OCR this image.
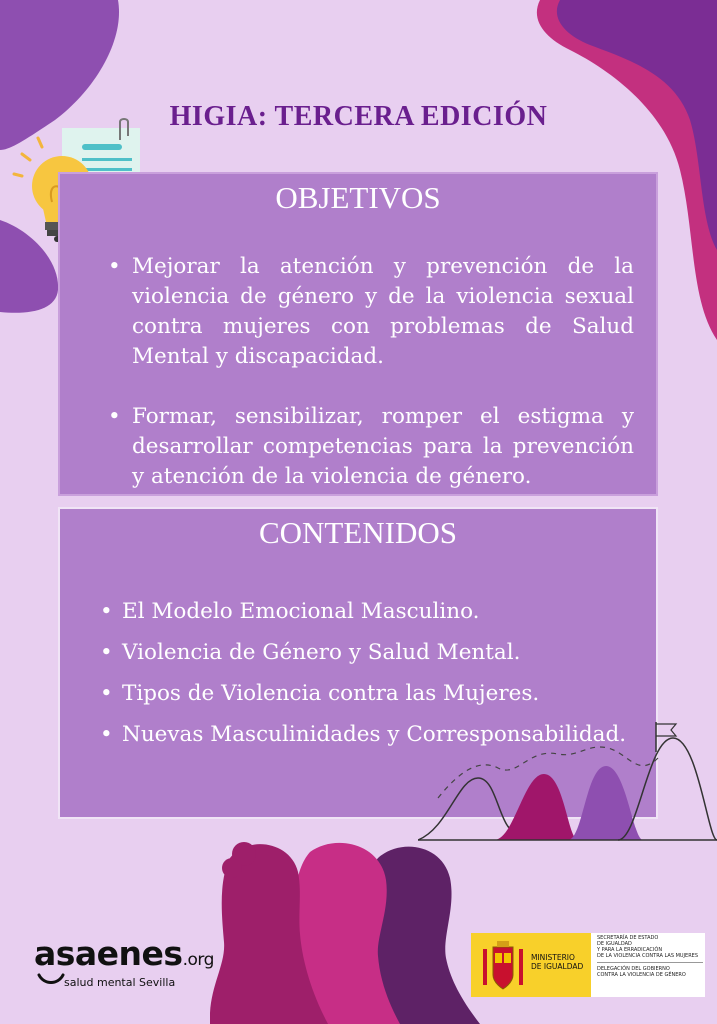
HIGIA: TERCERA EDICIÓN
OBJETIVOS
• Mejorar la atención y prevención de la violencia de género y de la violencia sexual contra mujeres con problemas de Salud Mental y discapacidad.
• Formar, sensibilizar, romper el estigma y desarrollar competencias para la prevención y atención de la violencia de género.
CONTENIDOS
• El Modelo Emocional Masculino.
• Violencia de Género y Salud Mental.
• Tipos de Violencia contra las Mujeres.
• Nuevas Masculinidades y Corresponsabilidad.
asaenes.org
salud mental Sevilla
MINISTERIO
DE IGUALDAD
SECRETARÍA DE ESTADO
DE IGUALDAD
Y PARA LA ERRADICACIÓN
DE LA VIOLENCIA CONTRA LAS MUJERES
DELEGACIÓN DEL GOBIERNO
CONTRA LA VIOLENCIA DE GÉNERO
